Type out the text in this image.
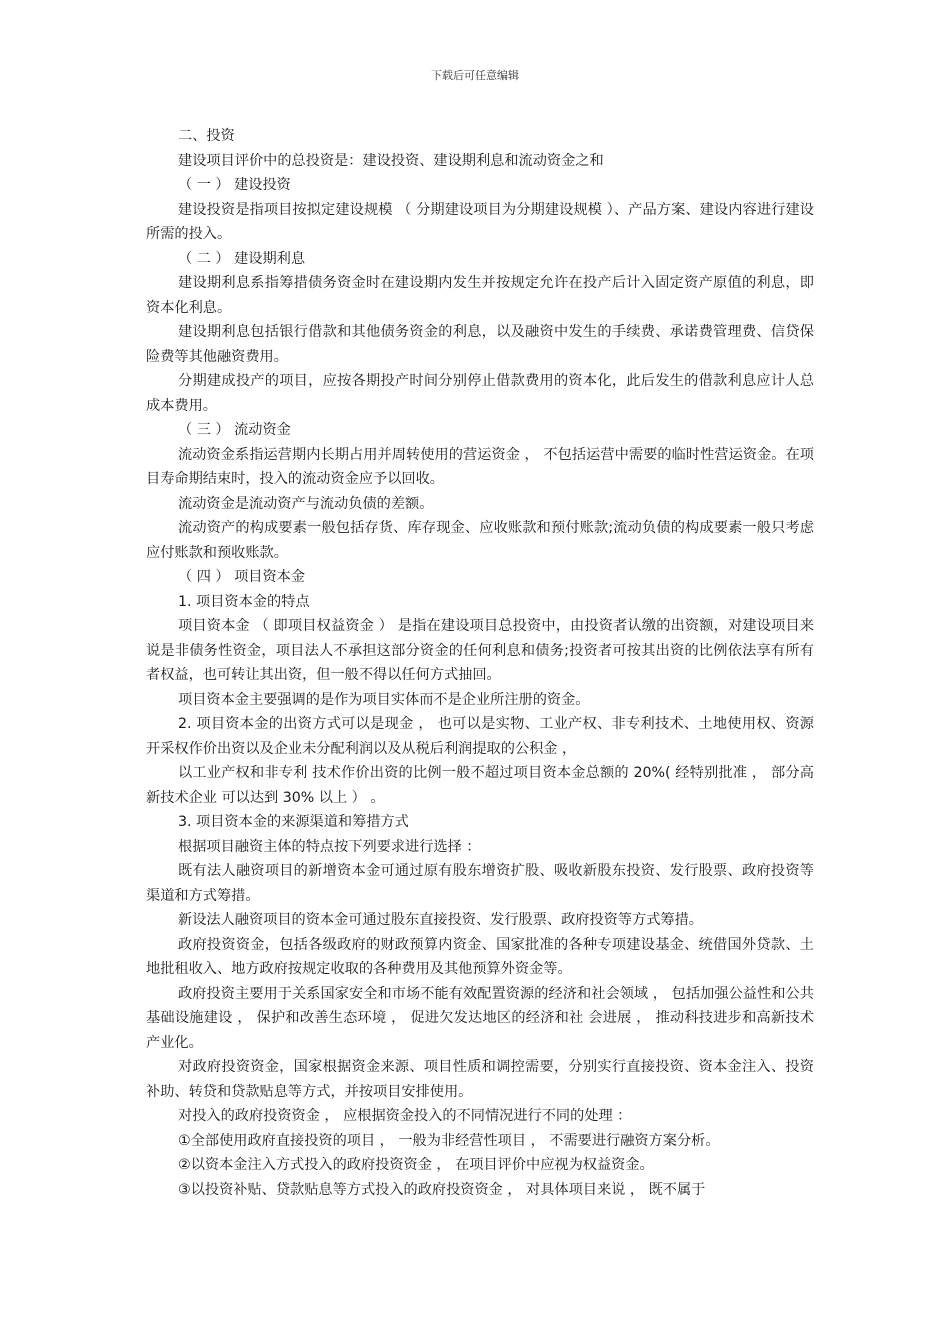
下载后可任意编辑

二、投资

建设项目评价中的总投资是：建设投资、建设期利息和流动资金之和

（ 一 ） 建设投资

建设投资是指项目按拟定建设规模 （ 分期建设项目为分期建设规模 ）、产品方案、建设内容进行建设所需的投入。

（ 二 ） 建设期利息

建设期利息系指筹措债务资金时在建设期内发生并按规定允许在投产后计入固定资产原值的利息，即资本化利息。

建设期利息包括银行借款和其他债务资金的利息，以及融资中发生的手续费、承诺费管理费、信贷保险费等其他融资费用。

分期建成投产的项目，应按各期投产时间分别停止借款费用的资本化，此后发生的借款利息应计人总成本费用。

（ 三 ） 流动资金

流动资金系指运营期内长期占用并周转使用的营运资金 ， 不包括运营中需要的临时性营运资金。在项目寿命期结束时，投入的流动资金应予以回收。

流动资金是流动资产与流动负债的差额。

流动资产的构成要素一般包括存货、库存现金、应收账款和预付账款;流动负债的构成要素一般只考虑应付账款和预收账款。

（ 四 ） 项目资本金

1. 项目资本金的特点

项目资本金 （ 即项目权益资金 ） 是指在建设项目总投资中，由投资者认缴的出资额，对建设项目来说是非债务性资金，项目法人不承担这部分资金的任何利息和债务;投资者可按其出资的比例依法享有所有者权益，也可转让其出资，但一般不得以任何方式抽回。

项目资本金主要强调的是作为项目实体而不是企业所注册的资金。

2. 项目资本金的出资方式可以是现金 ， 也可以是实物、工业产权、非专利技术、土地使用权、资源开采权作价出资以及企业未分配利润以及从税后利润提取的公积金 ，

以工业产权和非专利 技术作价出资的比例一般不超过项目资本金总额的 20%( 经特别批准 ， 部分高新技术企业 可以达到 30% 以上 ） 。

3. 项目资本金的来源渠道和筹措方式

根据项目融资主体的特点按下列要求进行选择 ：

既有法人融资项目的新增资本金可通过原有股东增资扩股、吸收新股东投资、发行股票、政府投资等渠道和方式筹措。

新设法人融资项目的资本金可通过股东直接投资、发行股票、政府投资等方式筹措。

政府投资资金，包括各级政府的财政预算内资金、国家批准的各种专项建设基金、统借国外贷款、土地批租收入、地方政府按规定收取的各种费用及其他预算外资金等。

政府投资主要用于关系国家安全和市场不能有效配置资源的经济和社会领域 ， 包括加强公益性和公共基础设施建设 ， 保护和改善生态环境 ， 促进欠发达地区的经济和社 会进展 ， 推动科技进步和高新技术产业化。

对政府投资资金，国家根据资金来源、项目性质和调控需要，分别实行直接投资、资本金注入、投资补助、转贷和贷款贴息等方式，并按项目安排使用。

对投入的政府投资资金 ， 应根据资金投入的不同情况进行不同的处理 ：

①全部使用政府直接投资的项目 ， 一般为非经营性项目 ， 不需要进行融资方案分析。

②以资本金注入方式投入的政府投资资金 ， 在项目评价中应视为权益资金。

③以投资补贴、贷款贴息等方式投入的政府投资资金 ， 对具体项目来说 ， 既不属于
